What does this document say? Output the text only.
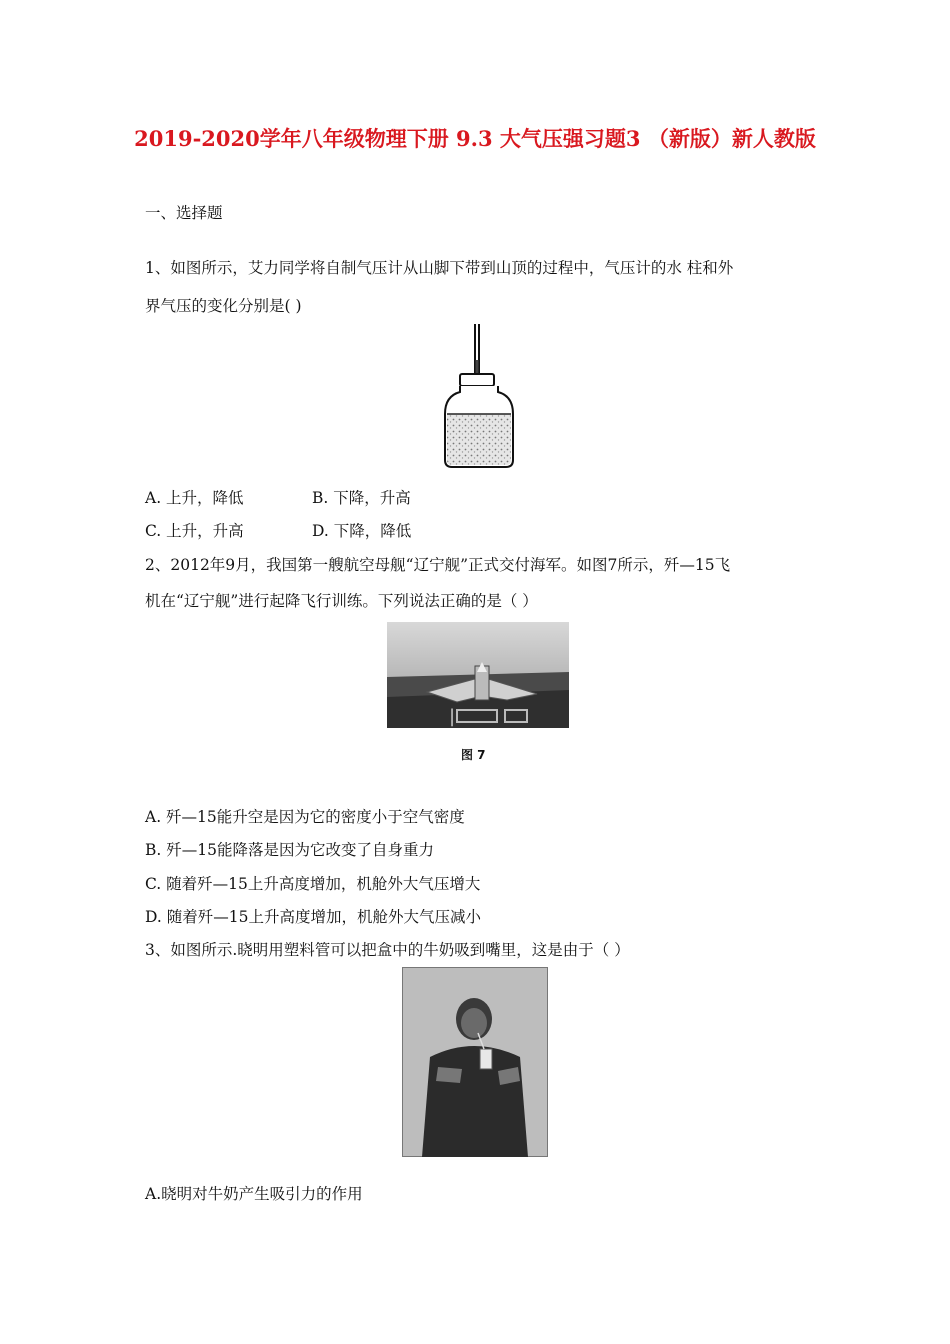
2019-2020学年八年级物理下册 9.3 大气压强习题3 （新版）新人教版
一、选择题
1、如图所示，艾力同学将自制气压计从山脚下带到山顶的过程中，气压计的水 柱和外
界气压的变化分别是( )
A. 上升，降低	B. 下降，升高
C. 上升，升高	D. 下降，降低
2、2012年9月，我国第一艘航空母舰“辽宁舰”正式交付海军。如图7所示，歼—15飞
机在“辽宁舰”进行起降飞行训练。下列说法正确的是（ ）
|
图 7
A. 歼—15能升空是因为它的密度小于空气密度
B. 歼—15能降落是因为它改变了自身重力
C. 随着歼—15上升高度增加，机舱外大气压增大
D. 随着歼—15上升高度增加，机舱外大气压减小
3、如图所示.晓明用塑料管可以把盒中的牛奶吸到嘴里，这是由于（ ）
A.晓明对牛奶产生吸引力的作用
